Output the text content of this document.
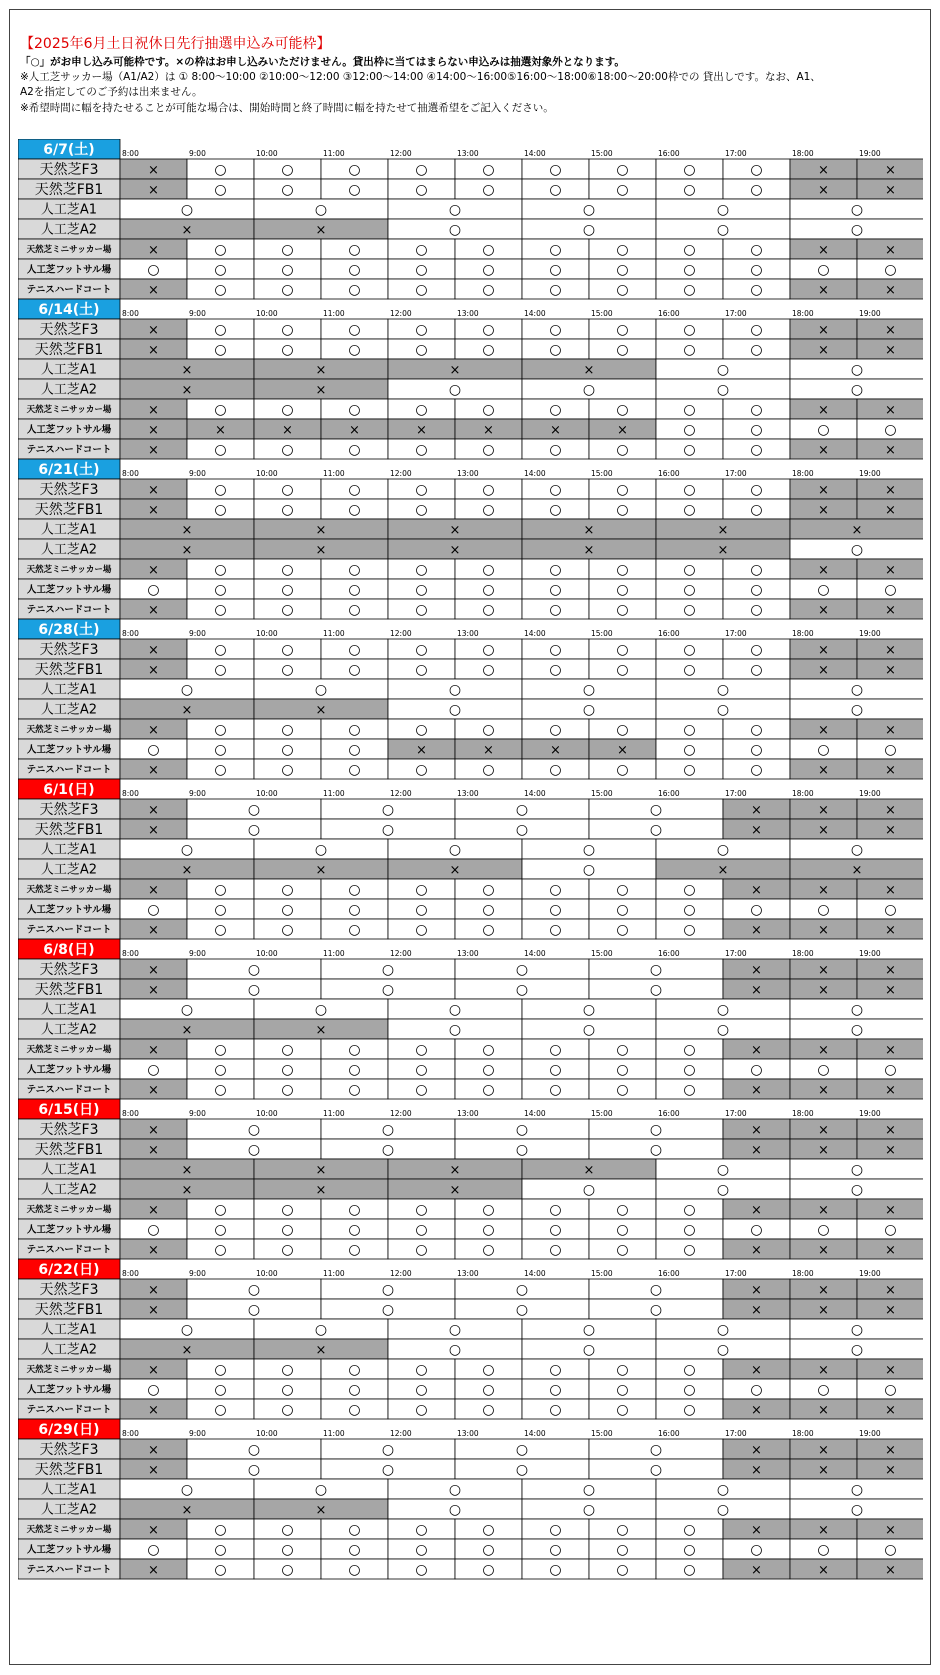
【2025年6月土日祝休日先行抽選申込み可能枠】
「○」がお申し込み可能枠です。×の枠はお申し込みいただけません。貸出枠に当てはまらない申込みは抽選対象外となります。
※人工芝サッカー場（A1/A2）は ① 8:00～10:00 ②10:00～12:00 ③12:00～14:00 ④14:00～16:00⑤16:00～18:00⑥18:00～20:00枠での 貸出しです。なお、A1、
A2を指定してのご予約は出来ません。
※希望時間に幅を持たせることが可能な場合は、開始時間と終了時間に幅を持たせて抽選希望をご記入ください。
6/7(土)	8:00	9:00	10:00	11:00	12:00	13:00	14:00	15:00	16:00	17:00	18:00	19:00
天然芝F3	×	○	○	○	○	○	○	○	○	○	×	×
天然芝FB1	×	○	○	○	○	○	○	○	○	○	×	×
人工芝A1	○	○	○	○	○	○
人工芝A2	×	×	○	○	○	○
天然芝ミニサッカー場	×	○	○	○	○	○	○	○	○	○	×	×
人工芝フットサル場	○	○	○	○	○	○	○	○	○	○	○	○
テニスハードコート	×	○	○	○	○	○	○	○	○	○	×	×
6/14(土)	8:00	9:00	10:00	11:00	12:00	13:00	14:00	15:00	16:00	17:00	18:00	19:00
天然芝F3	×	○	○	○	○	○	○	○	○	○	×	×
天然芝FB1	×	○	○	○	○	○	○	○	○	○	×	×
人工芝A1	×	×	×	×	○	○
人工芝A2	×	×	○	○	○	○
天然芝ミニサッカー場	×	○	○	○	○	○	○	○	○	○	×	×
人工芝フットサル場	×	×	×	×	×	×	×	×	○	○	○	○
テニスハードコート	×	○	○	○	○	○	○	○	○	○	×	×
6/21(土)	8:00	9:00	10:00	11:00	12:00	13:00	14:00	15:00	16:00	17:00	18:00	19:00
天然芝F3	×	○	○	○	○	○	○	○	○	○	×	×
天然芝FB1	×	○	○	○	○	○	○	○	○	○	×	×
人工芝A1	×	×	×	×	×	×
人工芝A2	×	×	×	×	×	○
天然芝ミニサッカー場	×	○	○	○	○	○	○	○	○	○	×	×
人工芝フットサル場	○	○	○	○	○	○	○	○	○	○	○	○
テニスハードコート	×	○	○	○	○	○	○	○	○	○	×	×
6/28(土)	8:00	9:00	10:00	11:00	12:00	13:00	14:00	15:00	16:00	17:00	18:00	19:00
天然芝F3	×	○	○	○	○	○	○	○	○	○	×	×
天然芝FB1	×	○	○	○	○	○	○	○	○	○	×	×
人工芝A1	○	○	○	○	○	○
人工芝A2	×	×	○	○	○	○
天然芝ミニサッカー場	×	○	○	○	○	○	○	○	○	○	×	×
人工芝フットサル場	○	○	○	○	×	×	×	×	○	○	○	○
テニスハードコート	×	○	○	○	○	○	○	○	○	○	×	×
6/1(日)	8:00	9:00	10:00	11:00	12:00	13:00	14:00	15:00	16:00	17:00	18:00	19:00
天然芝F3	×	○	○	○	○	×	×	×
天然芝FB1	×	○	○	○	○	×	×	×
人工芝A1	○	○	○	○	○	○
人工芝A2	×	×	×	○	×	×
天然芝ミニサッカー場	×	○	○	○	○	○	○	○	○	×	×	×
人工芝フットサル場	○	○	○	○	○	○	○	○	○	○	○	○
テニスハードコート	×	○	○	○	○	○	○	○	○	×	×	×
6/8(日)	8:00	9:00	10:00	11:00	12:00	13:00	14:00	15:00	16:00	17:00	18:00	19:00
天然芝F3	×	○	○	○	○	×	×	×
天然芝FB1	×	○	○	○	○	×	×	×
人工芝A1	○	○	○	○	○	○
人工芝A2	×	×	○	○	○	○
天然芝ミニサッカー場	×	○	○	○	○	○	○	○	○	×	×	×
人工芝フットサル場	○	○	○	○	○	○	○	○	○	○	○	○
テニスハードコート	×	○	○	○	○	○	○	○	○	×	×	×
6/15(日)	8:00	9:00	10:00	11:00	12:00	13:00	14:00	15:00	16:00	17:00	18:00	19:00
天然芝F3	×	○	○	○	○	×	×	×
天然芝FB1	×	○	○	○	○	×	×	×
人工芝A1	×	×	×	×	○	○
人工芝A2	×	×	×	○	○	○
天然芝ミニサッカー場	×	○	○	○	○	○	○	○	○	×	×	×
人工芝フットサル場	○	○	○	○	○	○	○	○	○	○	○	○
テニスハードコート	×	○	○	○	○	○	○	○	○	×	×	×
6/22(日)	8:00	9:00	10:00	11:00	12:00	13:00	14:00	15:00	16:00	17:00	18:00	19:00
天然芝F3	×	○	○	○	○	×	×	×
天然芝FB1	×	○	○	○	○	×	×	×
人工芝A1	○	○	○	○	○	○
人工芝A2	×	×	○	○	○	○
天然芝ミニサッカー場	×	○	○	○	○	○	○	○	○	×	×	×
人工芝フットサル場	○	○	○	○	○	○	○	○	○	○	○	○
テニスハードコート	×	○	○	○	○	○	○	○	○	×	×	×
6/29(日)	8:00	9:00	10:00	11:00	12:00	13:00	14:00	15:00	16:00	17:00	18:00	19:00
天然芝F3	×	○	○	○	○	×	×	×
天然芝FB1	×	○	○	○	○	×	×	×
人工芝A1	○	○	○	○	○	○
人工芝A2	×	×	○	○	○	○
天然芝ミニサッカー場	×	○	○	○	○	○	○	○	○	×	×	×
人工芝フットサル場	○	○	○	○	○	○	○	○	○	○	○	○
テニスハードコート	×	○	○	○	○	○	○	○	○	×	×	×
